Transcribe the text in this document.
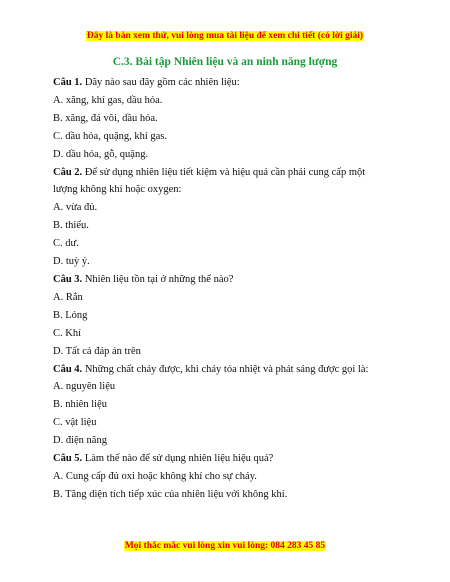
Đây là bản xem thử, vui lòng mua tài liệu để xem chi tiết (có lời giải)
C.3. Bài tập Nhiên liệu và an ninh năng lượng
Câu 1. Dãy nào sau đây gồm các nhiên liệu:
A. xăng, khí gas, dầu hỏa.
B. xăng, đá vôi, dầu hỏa.
C. dầu hỏa, quặng, khí gas.
D. dầu hỏa, gỗ, quặng.
Câu 2. Để sử dụng nhiên liệu tiết kiệm và hiệu quả cần phải cung cấp một lượng không khí hoặc oxygen:
A. vừa đủ.
B. thiếu.
C. dư.
D. tuỳ ý.
Câu 3. Nhiên liệu tồn tại ở những thể nào?
A. Rắn
B. Lỏng
C. Khí
D. Tất cả đáp án trên
Câu 4. Những chất cháy được, khi cháy tỏa nhiệt và phát sáng được gọi là:
A. nguyên liệu
B. nhiên liệu
C. vật liệu
D. điện năng
Câu 5. Làm thế nào để sử dụng nhiên liệu hiệu quả?
A. Cung cấp đủ oxi hoặc không khí cho sự cháy.
B. Tăng diện tích tiếp xúc của nhiên liệu với không khí.
Mọi thắc mắc vui lòng xin vui lòng: 084 283 45 85
